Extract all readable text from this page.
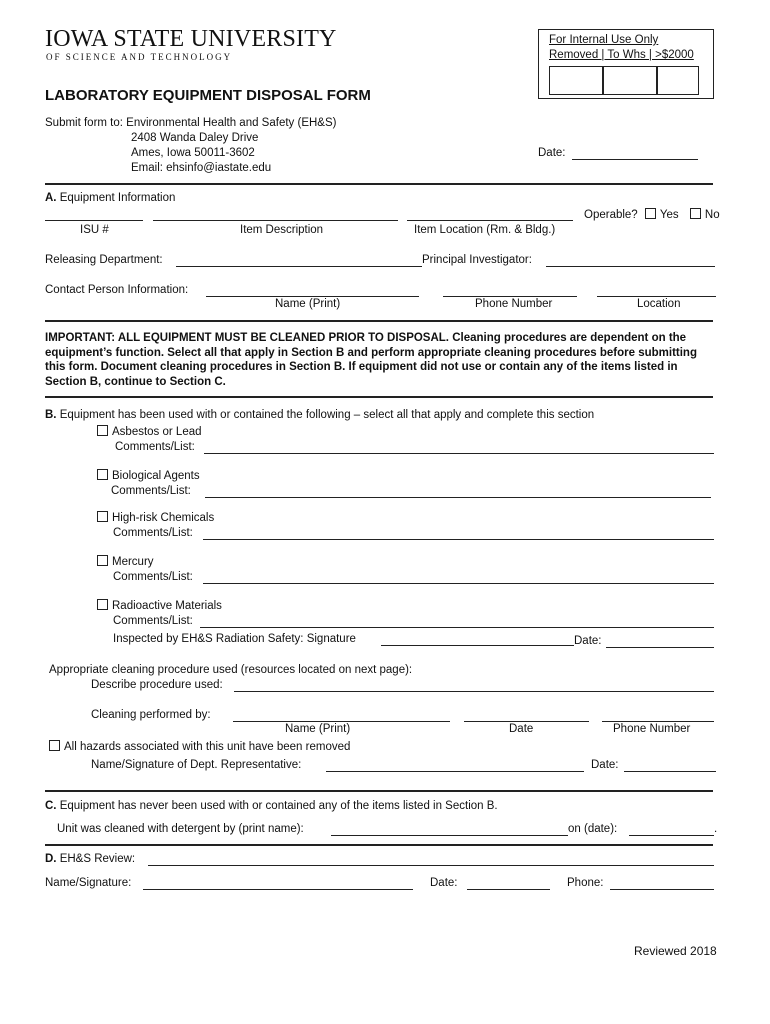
IOWA STATE UNIVERSITY
OF SCIENCE AND TECHNOLOGY
For Internal Use Only
Removed | To Whs | >$2000
LABORATORY EQUIPMENT DISPOSAL FORM
Submit form to: Environmental Health and Safety (EH&S)
2408 Wanda Daley Drive
Ames, Iowa 50011-3602
Email: ehsinfo@iastate.edu
Date:
A. Equipment Information
Operable? Yes No
ISU #	Item Description	Item Location (Rm. & Bldg.)
Releasing Department:	Principal Investigator:
Contact Person Information:
Name (Print)	Phone Number	Location
IMPORTANT: ALL EQUIPMENT MUST BE CLEANED PRIOR TO DISPOSAL. Cleaning procedures are dependent on the equipment’s function. Select all that apply in Section B and perform appropriate cleaning procedures before submitting this form. Document cleaning procedures in Section B. If equipment did not use or contain any of the items listed in Section B, continue to Section C.
B. Equipment has been used with or contained the following – select all that apply and complete this section
Asbestos or Lead
Comments/List:
Biological Agents
Comments/List:
High-risk Chemicals
Comments/List:
Mercury
Comments/List:
Radioactive Materials
Comments/List:
Inspected by EH&S Radiation Safety: Signature	Date:
Appropriate cleaning procedure used (resources located on next page):
Describe procedure used:
Cleaning performed by:
Name (Print)	Date	Phone Number
All hazards associated with this unit have been removed
Name/Signature of Dept. Representative:	Date:
C. Equipment has never been used with or contained any of the items listed in Section B.
Unit was cleaned with detergent by (print name):	on (date):	.
D. EH&S Review:
Name/Signature:	Date:	Phone:
Reviewed 2018
